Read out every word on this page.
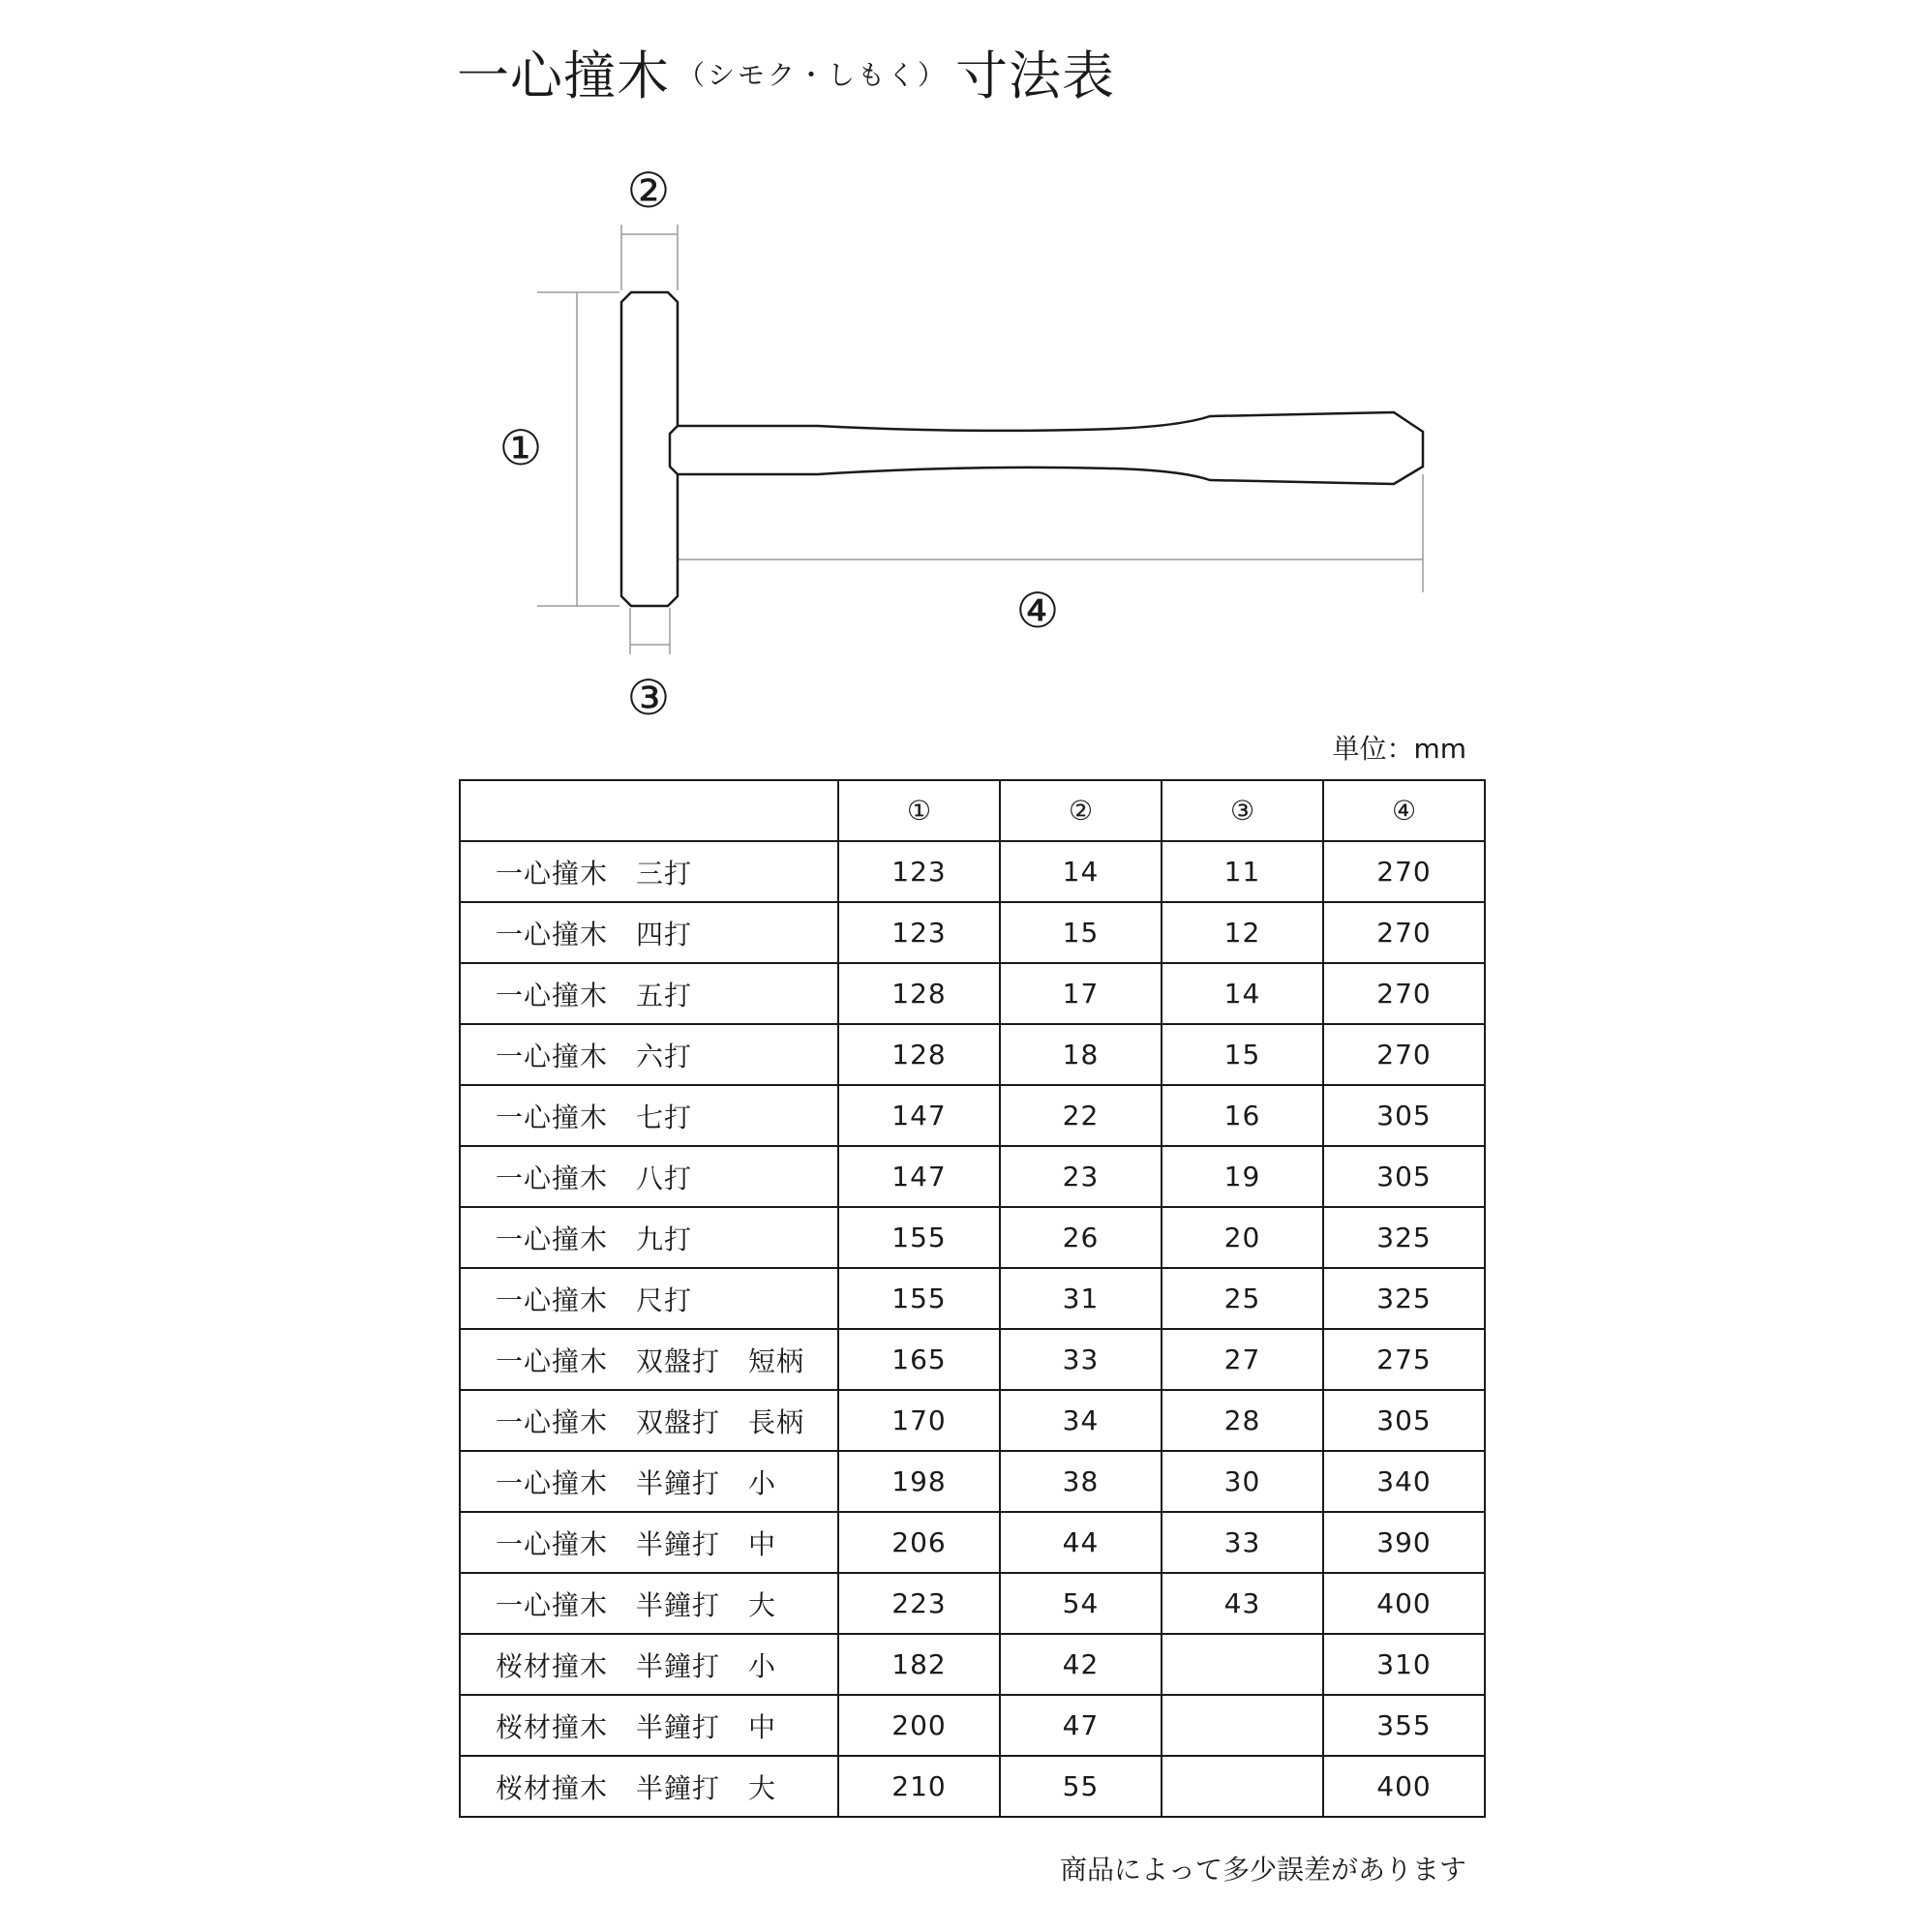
一心撞木 $^{(シモク・しもく)}$ 寸法表
①
②
③
④
単位：mm
	①	②	③	④
一心撞木　三打	123	14	11	270
一心撞木　四打	123	15	12	270
一心撞木　五打	128	17	14	270
一心撞木　六打	128	18	15	270
一心撞木　七打	147	22	16	305
一心撞木　八打	147	23	19	305
一心撞木　九打	155	26	20	325
一心撞木　尺打	155	31	25	325
一心撞木　双盤打　短柄	165	33	27	275
一心撞木　双盤打　長柄	170	34	28	305
一心撞木　半鐘打　小	198	38	30	340
一心撞木　半鐘打　中	206	44	33	390
一心撞木　半鐘打　大	223	54	43	400
桜材撞木　半鐘打　小	182	42		310
桜材撞木　半鐘打　中	200	47		355
桜材撞木　半鐘打　大	210	55		400
商品によって多少誤差があります
